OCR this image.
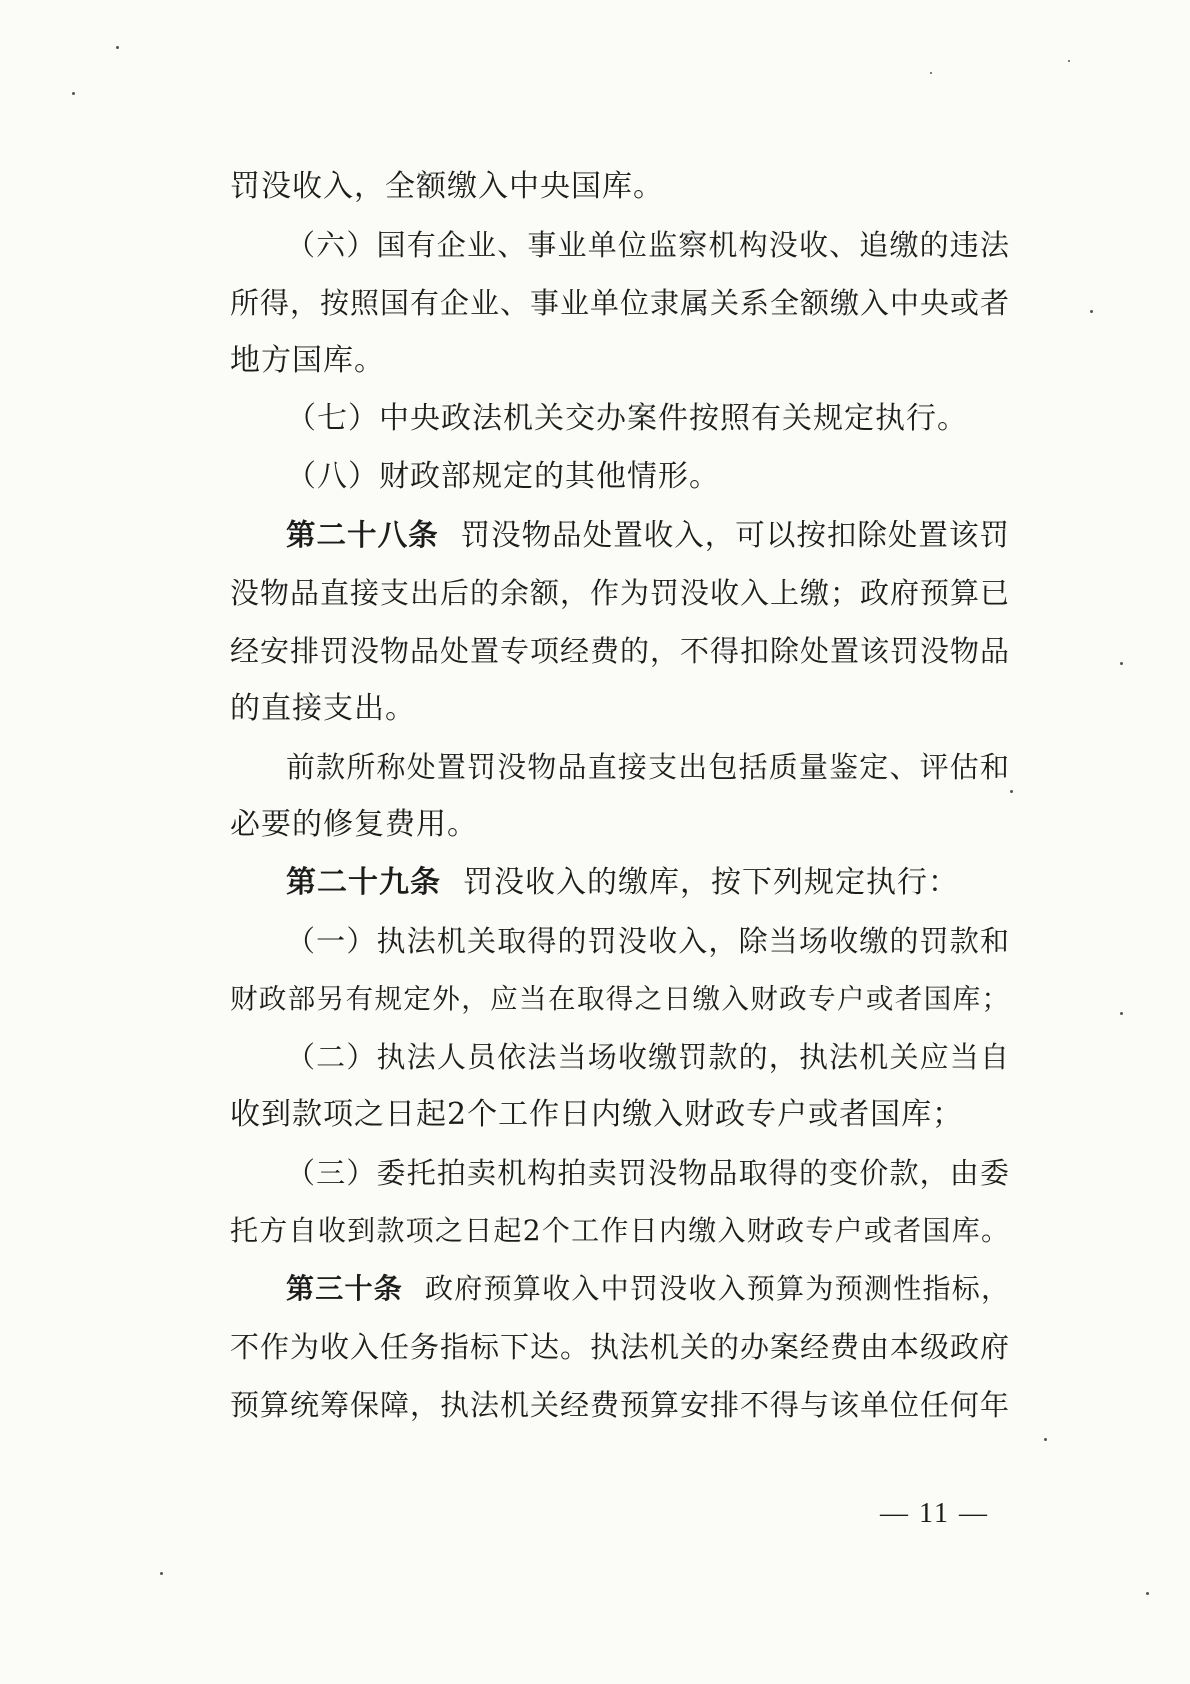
罚没收入，全额缴入中央国库。
（六）国有企业、事业单位监察机构没收、追缴的违法
所得，按照国有企业、事业单位隶属关系全额缴入中央或者
地方国库。
（七）中央政法机关交办案件按照有关规定执行。
（八）财政部规定的其他情形。
第二十八条 罚没物品处置收入，可以按扣除处置该罚
没物品直接支出后的余额，作为罚没收入上缴；政府预算已
经安排罚没物品处置专项经费的，不得扣除处置该罚没物品
的直接支出。
前款所称处置罚没物品直接支出包括质量鉴定、评估和
必要的修复费用。
第二十九条 罚没收入的缴库，按下列规定执行：
（一）执法机关取得的罚没收入，除当场收缴的罚款和
财政部另有规定外，应当在取得之日缴入财政专户或者国库；
（二）执法人员依法当场收缴罚款的，执法机关应当自
收到款项之日起2个工作日内缴入财政专户或者国库；
（三）委托拍卖机构拍卖罚没物品取得的变价款，由委
托方自收到款项之日起2个工作日内缴入财政专户或者国库。
第三十条 政府预算收入中罚没收入预算为预测性指标，
不作为收入任务指标下达。执法机关的办案经费由本级政府
预算统筹保障，执法机关经费预算安排不得与该单位任何年
— 11 —
